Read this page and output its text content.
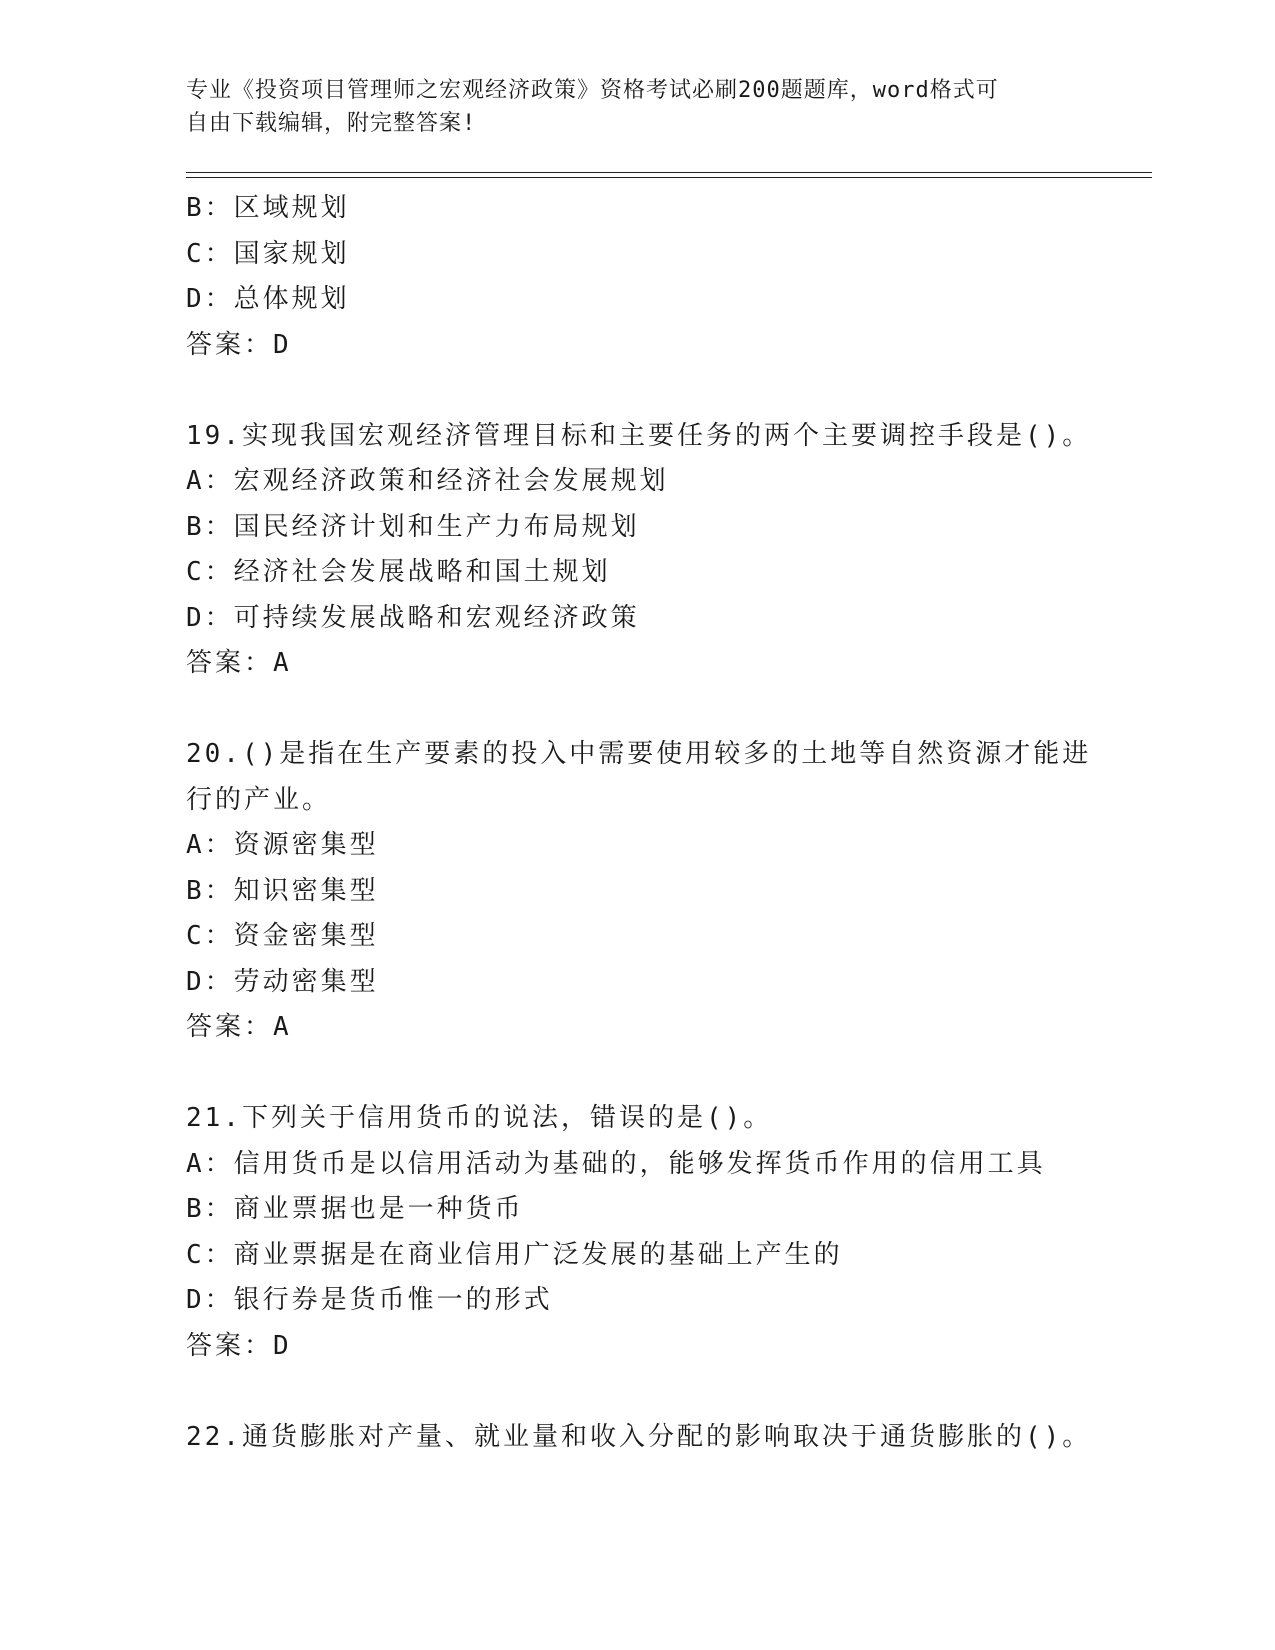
专业《投资项目管理师之宏观经济政策》资格考试必刷200题题库，word格式可
自由下载编辑，附完整答案!
B：区域规划
C：国家规划
D：总体规划
答案：D
19.实现我国宏观经济管理目标和主要任务的两个主要调控手段是()。
A：宏观经济政策和经济社会发展规划
B：国民经济计划和生产力布局规划
C：经济社会发展战略和国土规划
D：可持续发展战略和宏观经济政策
答案：A
20.()是指在生产要素的投入中需要使用较多的土地等自然资源才能进
行的产业。
A：资源密集型
B：知识密集型
C：资金密集型
D：劳动密集型
答案：A
21.下列关于信用货币的说法，错误的是()。
A：信用货币是以信用活动为基础的，能够发挥货币作用的信用工具
B：商业票据也是一种货币
C：商业票据是在商业信用广泛发展的基础上产生的
D：银行券是货币惟一的形式
答案：D
22.通货膨胀对产量、就业量和收入分配的影响取决于通货膨胀的()。
